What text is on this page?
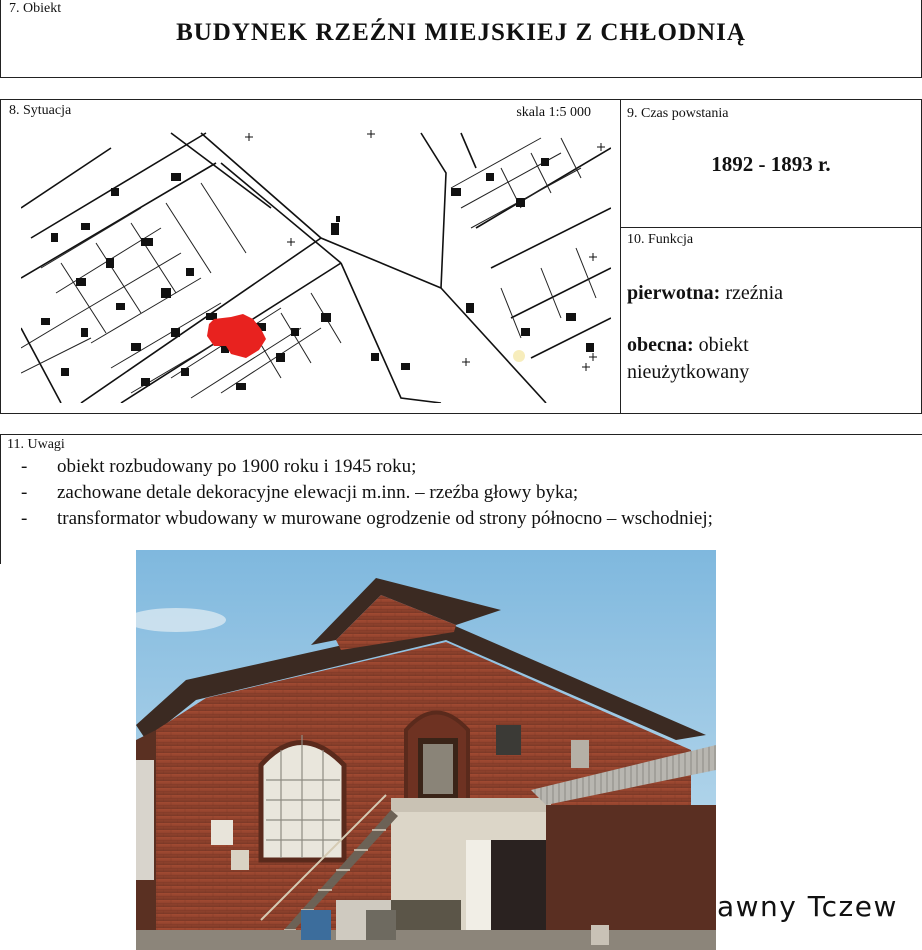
7. Obiekt
BUDYNEK RZEŹNI MIEJSKIEJ Z CHŁODNIĄ
8. Sytuacja	skala 1:5 000	9. Czas powstania
1892 - 1893 r.
10. Funkcja
pierwotna: rzeźnia
obecna: obiekt
nieużytkowany
11. Uwagi
- obiekt rozbudowany po 1900 roku i 1945 roku;
- zachowane detale dekoracyjne elewacji m.inn. – rzeźba głowy byka;
- transformator wbudowany w murowane ogrodzenie od strony północno – wschodniej;
awny Tczew
